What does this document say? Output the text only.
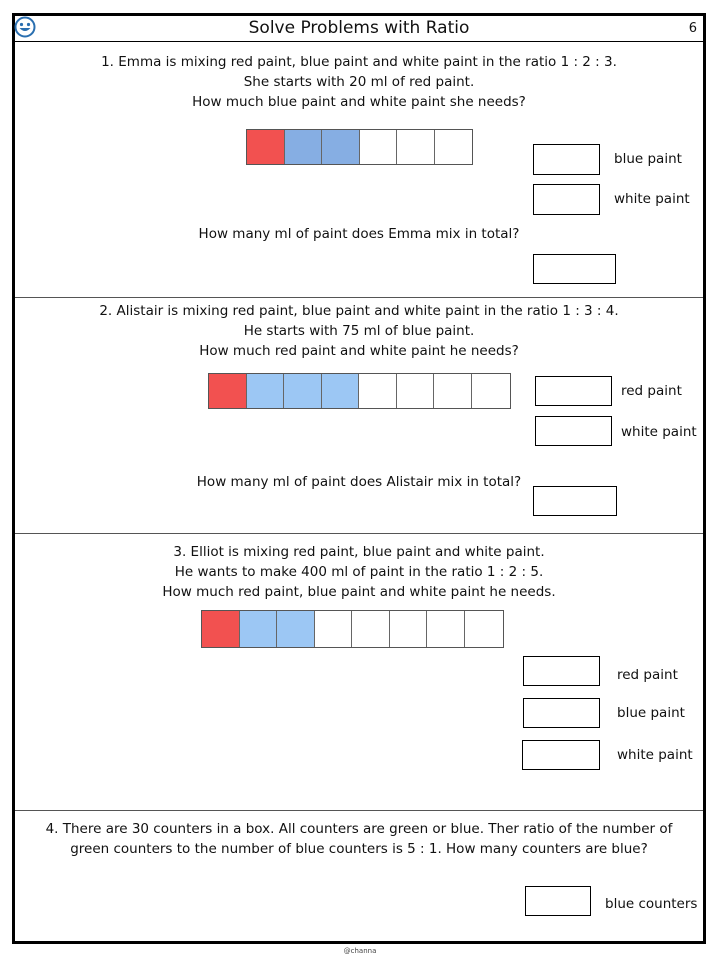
Solve Problems with Ratio	6
1. Emma is mixing red paint, blue paint and white paint in the ratio 1 : 2 : 3.
She starts with 20 ml of red paint.
How much blue paint and white paint she needs?
blue paint
white paint
How many ml of paint does Emma mix in total?
2. Alistair is mixing red paint, blue paint and white paint in the ratio 1 : 3 : 4.
He starts with 75 ml of blue paint.
How much red paint and white paint he needs?
red paint
white paint
How many ml of paint does Alistair mix in total?
3. Elliot is mixing red paint, blue paint and white paint.
He wants to make 400 ml of paint in the ratio 1 : 2 : 5.
How much red paint, blue paint and white paint he needs.
red paint
blue paint
white paint
4. There are 30 counters in a box. All counters are green or blue. Ther ratio of the number of
green counters to the number of blue counters is 5 : 1. How many counters are blue?
blue counters
@channa
